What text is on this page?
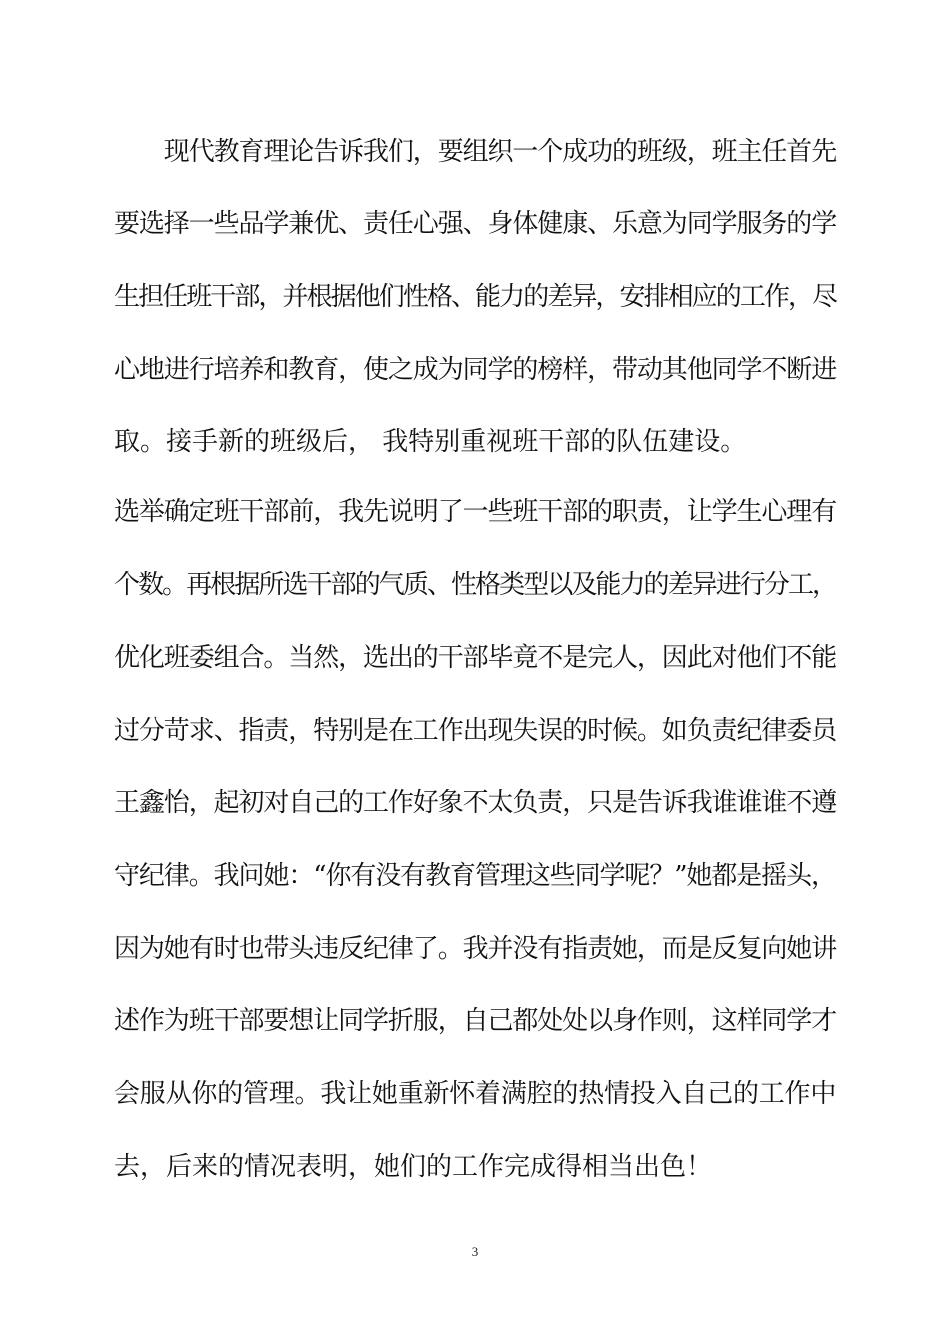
　　现代教育理论告诉我们，要组织一个成功的班级，班主任首先
要选择一些品学兼优、责任心强、身体健康、乐意为同学服务的学
生担任班干部，并根据他们性格、能力的差异，安排相应的工作，尽
心地进行培养和教育，使之成为同学的榜样，带动其他同学不断进
取。接手新的班级后， 我特别重视班干部的队伍建设。
选举确定班干部前，我先说明了一些班干部的职责，让学生心理有
个数。再根据所选干部的气质、性格类型以及能力的差异进行分工，
优化班委组合。当然，选出的干部毕竟不是完人，因此对他们不能
过分苛求、指责，特别是在工作出现失误的时候。如负责纪律委员
王鑫怡，起初对自己的工作好象不太负责，只是告诉我谁谁谁不遵
守纪律。我问她：“你有没有教育管理这些同学呢？”她都是摇头，
因为她有时也带头违反纪律了。我并没有指责她，而是反复向她讲
述作为班干部要想让同学折服，自己都处处以身作则，这样同学才
会服从你的管理。我让她重新怀着满腔的热情投入自己的工作中
去，后来的情况表明，她们的工作完成得相当出色！
3
